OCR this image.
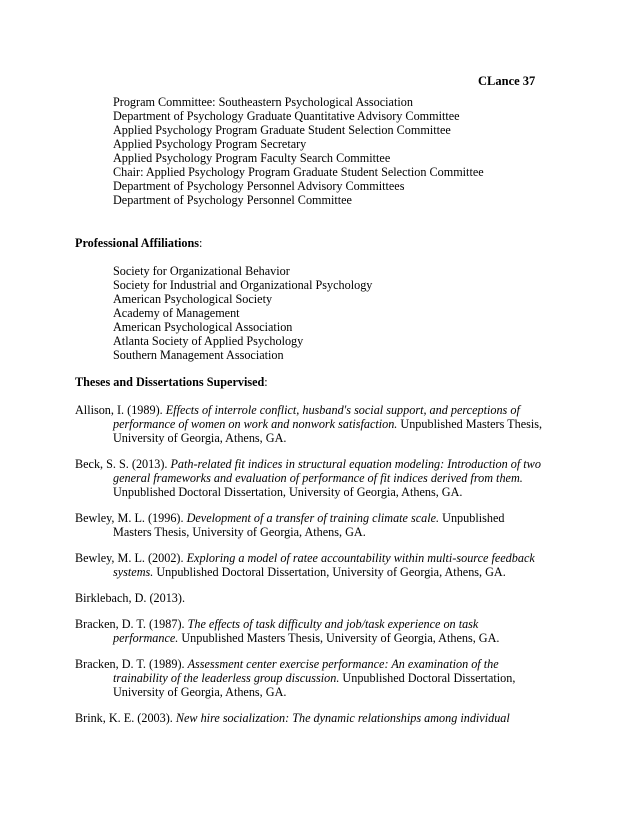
CLance 37
Program Committee: Southeastern Psychological Association
Department of Psychology Graduate Quantitative Advisory Committee
Applied Psychology Program Graduate Student Selection Committee
Applied Psychology Program Secretary
Applied Psychology Program Faculty Search Committee
Chair: Applied Psychology Program Graduate Student Selection Committee
Department of Psychology Personnel Advisory Committees
Department of Psychology Personnel Committee
Professional Affiliations:
Society for Organizational Behavior
Society for Industrial and Organizational Psychology
American Psychological Society
Academy of Management
American Psychological Association
Atlanta Society of Applied Psychology
Southern Management Association
Theses and Dissertations Supervised:
Allison, I. (1989). Effects of interrole conflict, husband's social support, and perceptions of
performance of women on work and nonwork satisfaction. Unpublished Masters Thesis,
University of Georgia, Athens, GA.
Beck, S. S. (2013). Path-related fit indices in structural equation modeling: Introduction of two
general frameworks and evaluation of performance of fit indices derived from them.
Unpublished Doctoral Dissertation, University of Georgia, Athens, GA.
Bewley, M. L. (1996). Development of a transfer of training climate scale. Unpublished
Masters Thesis, University of Georgia, Athens, GA.
Bewley, M. L. (2002). Exploring a model of ratee accountability within multi-source feedback
systems. Unpublished Doctoral Dissertation, University of Georgia, Athens, GA.
Birklebach, D. (2013).
Bracken, D. T. (1987). The effects of task difficulty and job/task experience on task
performance. Unpublished Masters Thesis, University of Georgia, Athens, GA.
Bracken, D. T. (1989). Assessment center exercise performance: An examination of the
trainability of the leaderless group discussion. Unpublished Doctoral Dissertation,
University of Georgia, Athens, GA.
Brink, K. E. (2003). New hire socialization: The dynamic relationships among individual
